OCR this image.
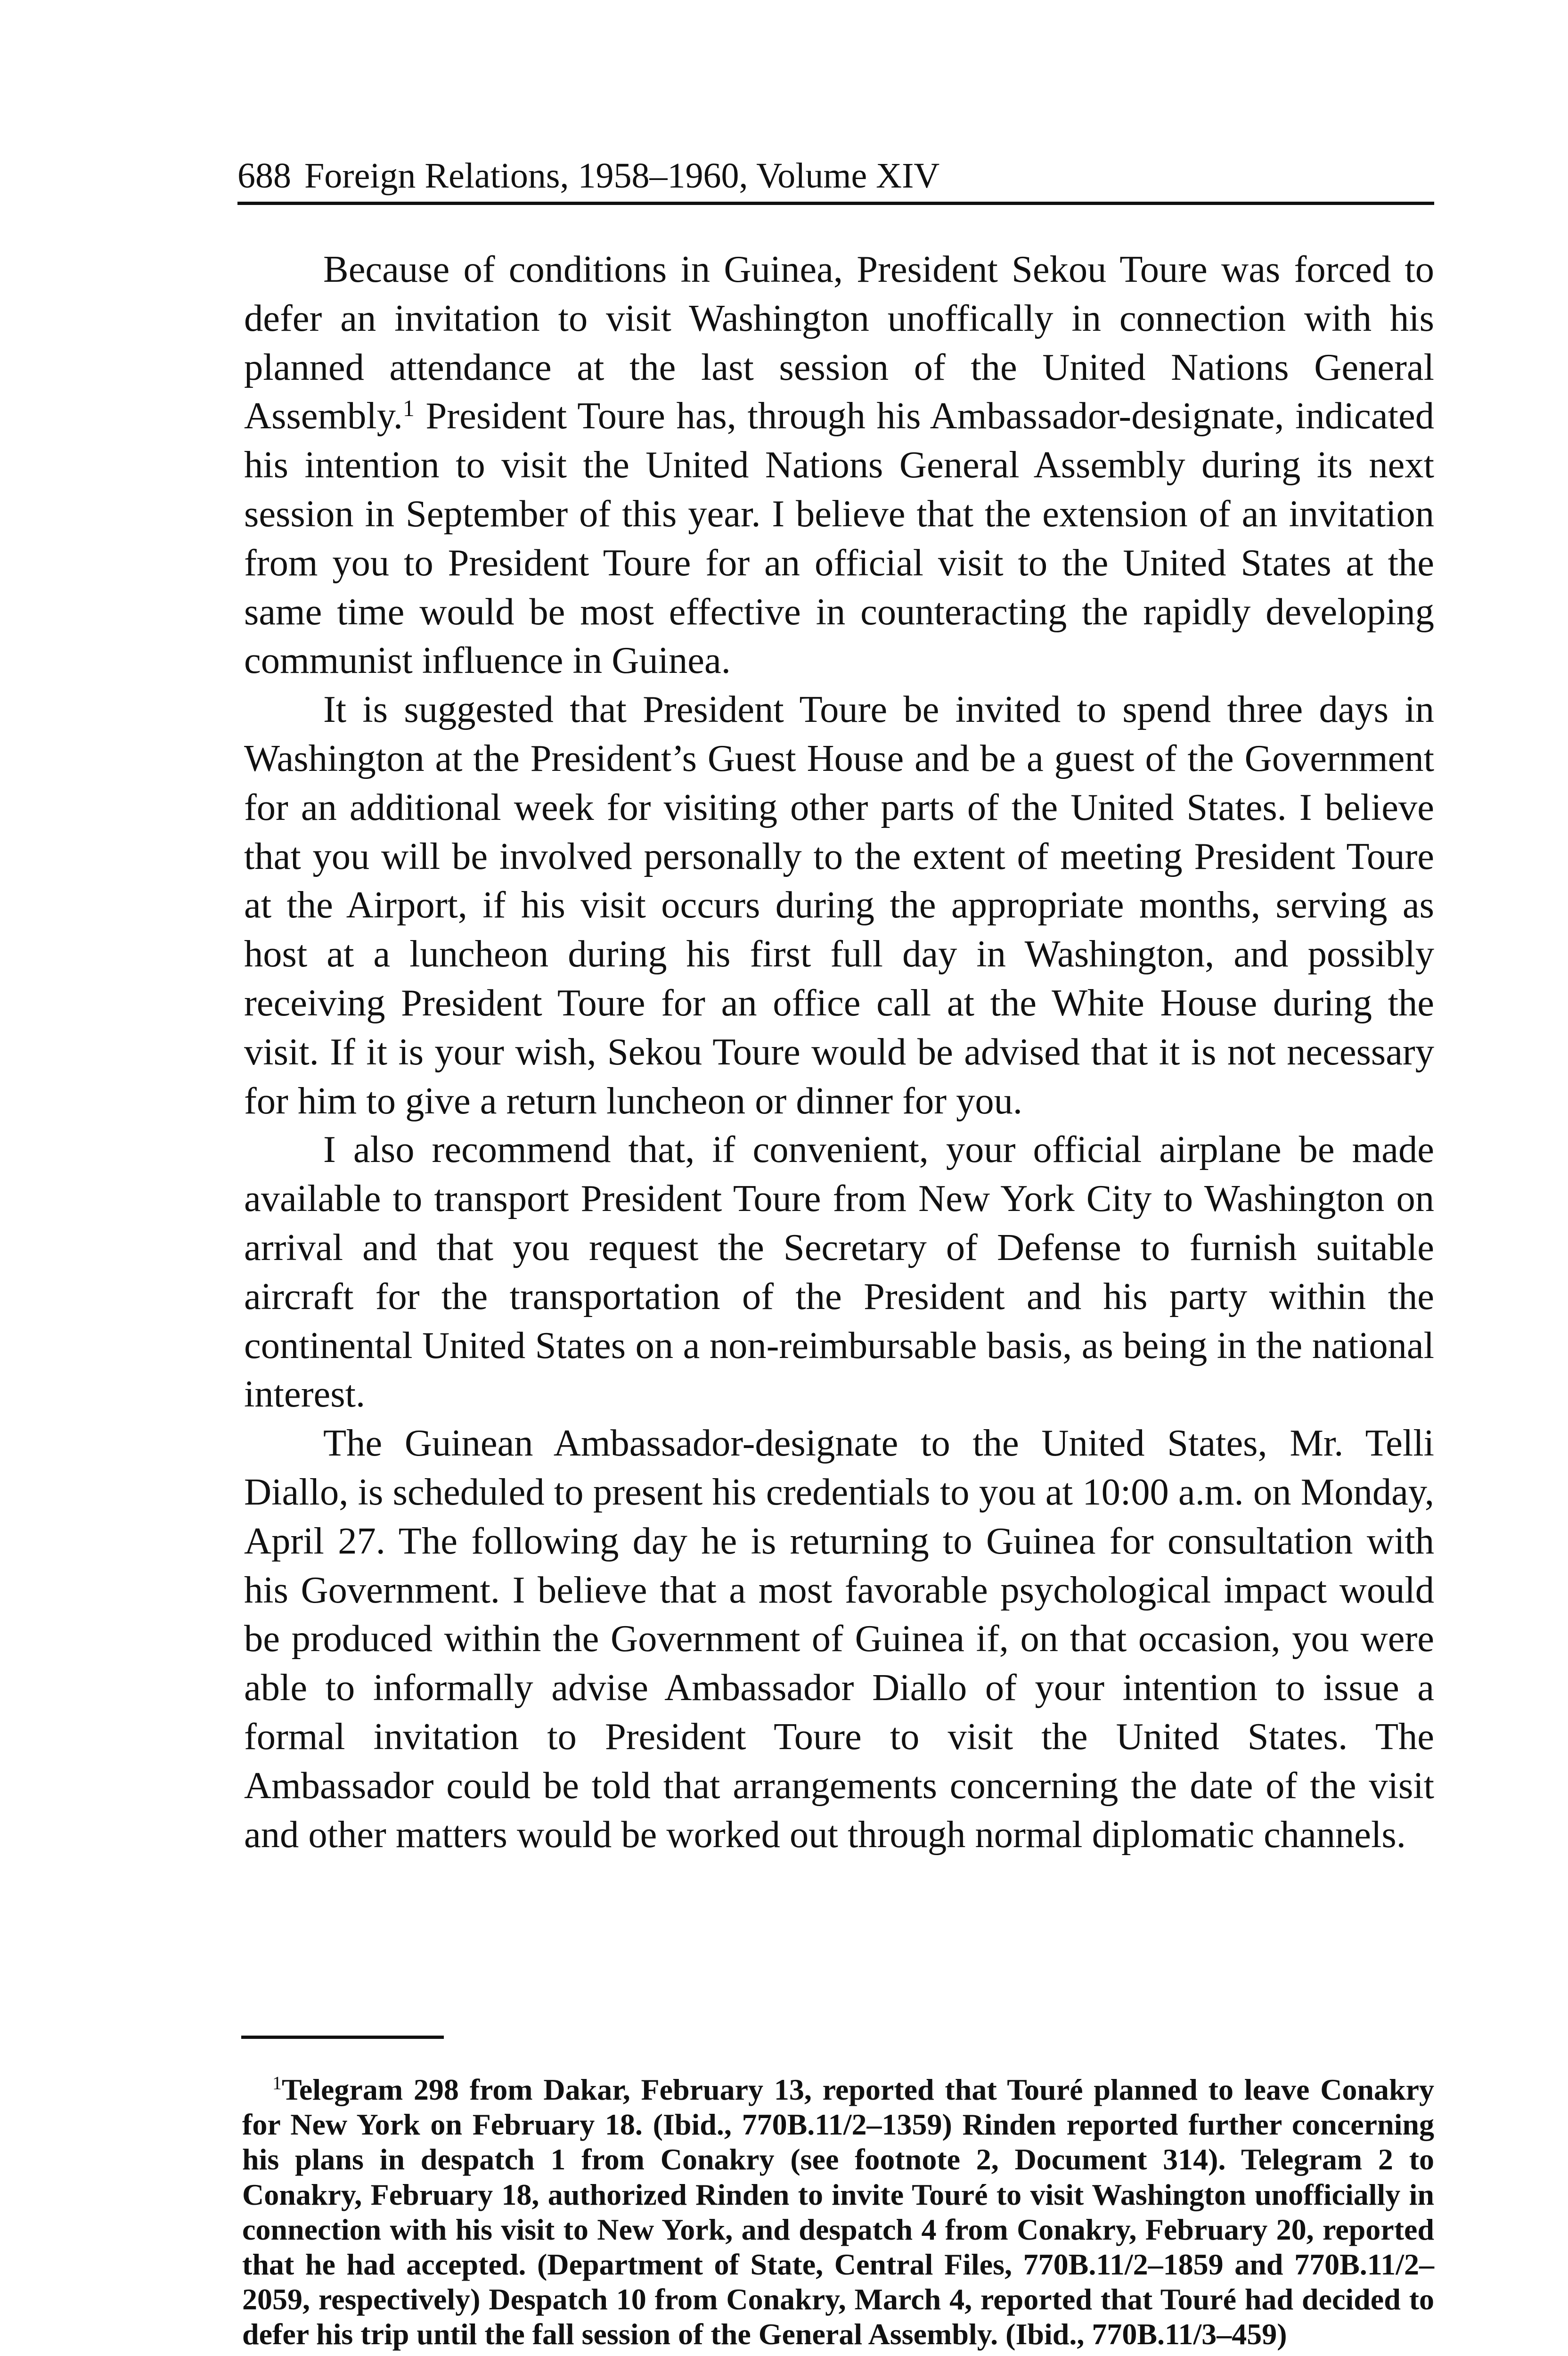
688 Foreign Relations, 1958–1960, Volume XIV

Because of conditions in Guinea, President Sekou Toure was forced to defer an invitation to visit Washington unoffically in connection with his planned attendance at the last session of the United Nations General Assembly.$^1$ President Toure has, through his Ambassador-designate, indicated his intention to visit the United Nations General Assembly during its next session in September of this year. I believe that the extension of an invitation from you to President Toure for an official visit to the United States at the same time would be most effective in counteracting the rapidly developing communist influence in Guinea.

It is suggested that President Toure be invited to spend three days in Washington at the President’s Guest House and be a guest of the Government for an additional week for visiting other parts of the United States. I believe that you will be involved personally to the extent of meeting President Toure at the Airport, if his visit occurs during the appropriate months, serving as host at a luncheon during his first full day in Washington, and possibly receiving President Toure for an office call at the White House during the visit. If it is your wish, Sekou Toure would be advised that it is not necessary for him to give a return luncheon or dinner for you.

I also recommend that, if convenient, your official airplane be made available to transport President Toure from New York City to Washington on arrival and that you request the Secretary of Defense to furnish suitable aircraft for the transportation of the President and his party within the continental United States on a non-reimbursable basis, as being in the national interest.

The Guinean Ambassador-designate to the United States, Mr. Telli Diallo, is scheduled to present his credentials to you at 10:00 a.m. on Monday, April 27. The following day he is returning to Guinea for consultation with his Government. I believe that a most favorable psychological impact would be produced within the Government of Guinea if, on that occasion, you were able to informally advise Ambassador Diallo of your intention to issue a formal invitation to President Toure to visit the United States. The Ambassador could be told that arrangements concerning the date of the visit and other matters would be worked out through normal diplomatic channels.

$^1$Telegram 298 from Dakar, February 13, reported that Touré planned to leave Conakry for New York on February 18. (Ibid., 770B.11/2–1359) Rinden reported further concerning his plans in despatch 1 from Conakry (see footnote 2, Document 314). Telegram 2 to Conakry, February 18, authorized Rinden to invite Touré to visit Washington unofficially in connection with his visit to New York, and despatch 4 from Conakry, February 20, reported that he had accepted. (Department of State, Central Files, 770B.11/2–1859 and 770B.11/2–2059, respectively) Despatch 10 from Conakry, March 4, reported that Touré had decided to defer his trip until the fall session of the General Assembly. (Ibid., 770B.11/3–459)
